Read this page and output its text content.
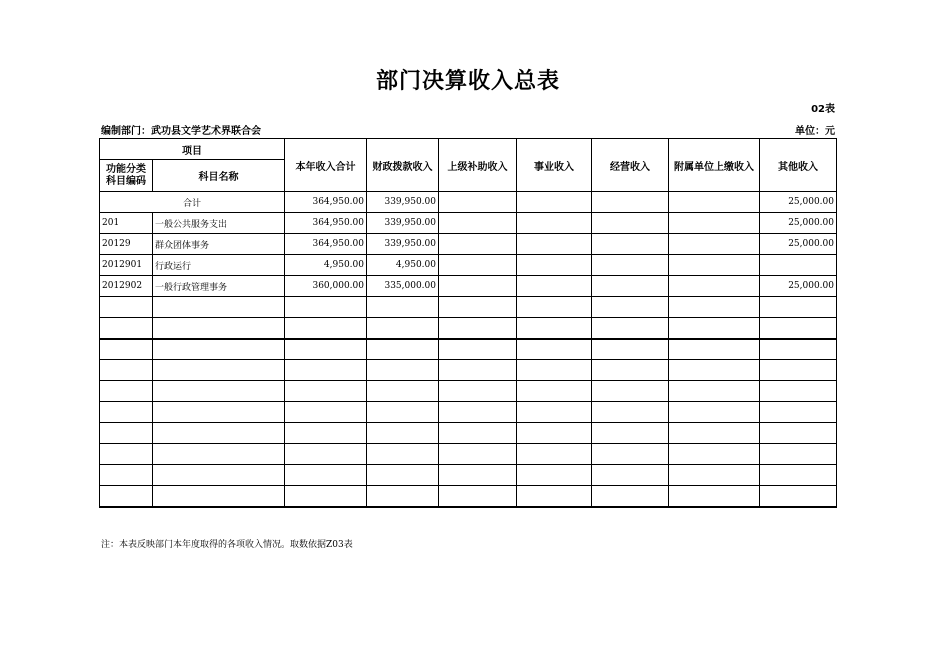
部门决算收入总表
02表
编制部门：武功县文学艺术界联合会	单位：元
项目		本年收入合计	财政拨款收入	上级补助收入	事业收入	经营收入	附属单位上缴收入	其他收入
功能分类
科目编码	科目名称							
合计		364,950.00	339,950.00					25,000.00
201	一般公共服务支出	364,950.00	339,950.00					25,000.00
20129	群众团体事务	364,950.00	339,950.00					25,000.00
2012901	行政运行	4,950.00	4,950.00					
2012902	一般行政管理事务	360,000.00	335,000.00					25,000.00

注：本表反映部门本年度取得的各项收入情况。取数依据Z03表
